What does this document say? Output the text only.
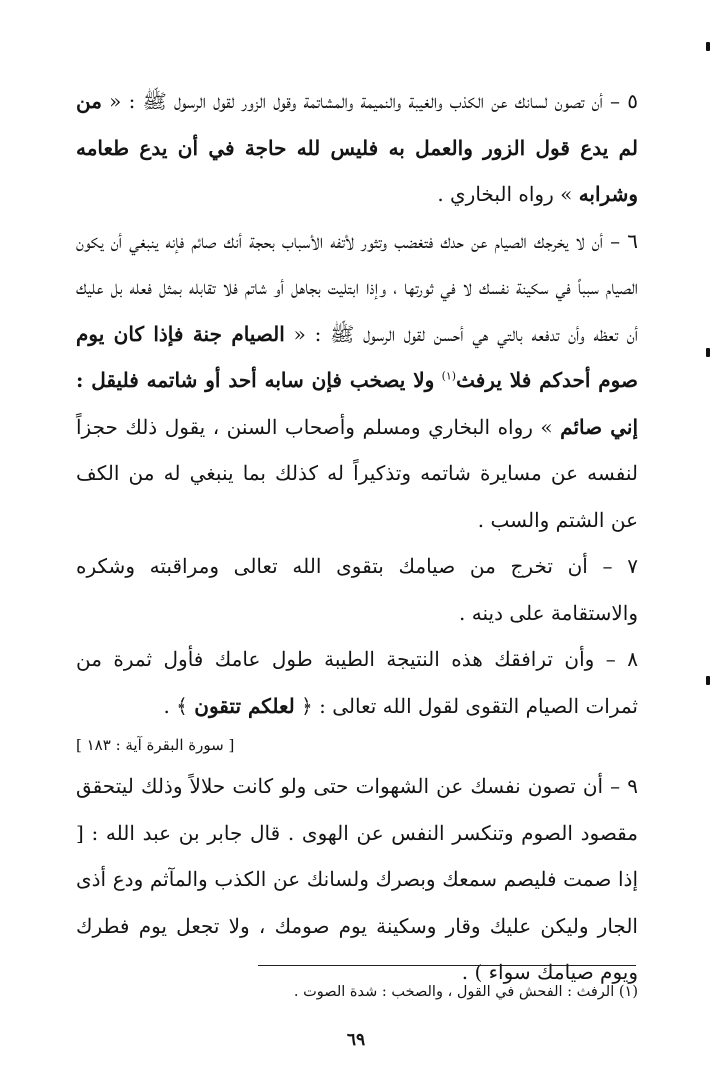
٥ – أن تصون لسانك عن الكذب والغيبة والنميمة والمشاتمة وقول الزور لقول الرسول ﷺ : « من لم يدع قول الزور والعمل به فليس لله حاجة في أن يدع طعامه وشرابه » رواه البخاري .

٦ – أن لا يخرجك الصيام عن حدك فتغضب وتثور لأتفه الأسباب بحجة أنك صائم فإنه ينبغي أن يكون الصيام سبباً في سكينة نفسك لا في ثورتها ، وإذا ابتليت بجاهل أو شاتم فلا تقابله بمثل فعله بل عليك أن تعظه وأن تدفعه بالتي هي أحسن لقول الرسول ﷺ : « الصيام جنة فإذا كان يوم صوم أحدكم فلا يرفث$^{(١)}$ ولا يصخب فإن سابه أحد أو شاتمه فليقل : إني صائم » رواه البخاري ومسلم وأصحاب السنن ، يقول ذلك حجزاً لنفسه عن مسايرة شاتمه وتذكيراً له كذلك بما ينبغي له من الكف عن الشتم والسب .

٧ – أن تخرج من صيامك بتقوى الله تعالى ومراقبته وشكره والاستقامة على دينه .

٨ – وأن ترافقك هذه النتيجة الطيبة طول عامك فأول ثمرة من ثمرات الصيام التقوى لقول الله تعالى : ﴿ لعلكم تتقون ﴾ .

[ سورة البقرة آية : ١٨٣ ]

٩ – أن تصون نفسك عن الشهوات حتى ولو كانت حلالاً وذلك ليتحقق مقصود الصوم وتنكسر النفس عن الهوى . قال جابر بن عبد الله : [ إذا صمت فليصم سمعك وبصرك ولسانك عن الكذب والمآثم ودع أذى الجار وليكن عليك وقار وسكينة يوم صومك ، ولا تجعل يوم فطرك ويوم صيامك سواء ) .

(١) الرفث : الفحش في القول ، والصخب : شدة الصوت .
٦٩
